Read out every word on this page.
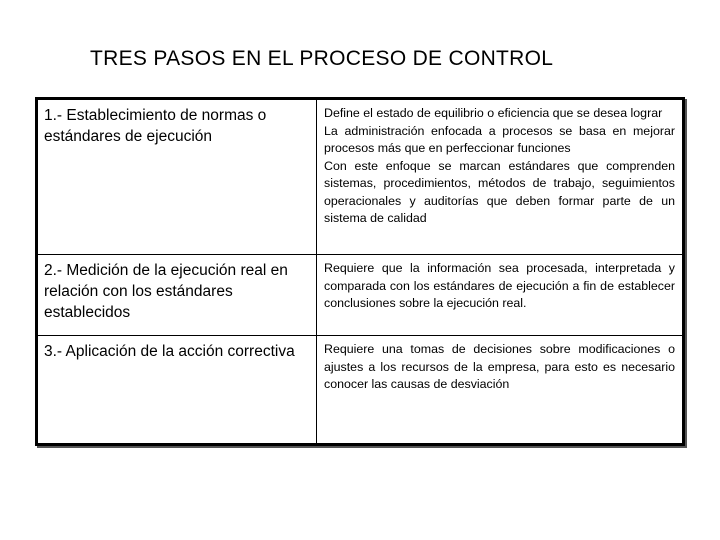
TRES PASOS EN EL PROCESO DE CONTROL
1.- Establecimiento de normas o estándares de ejecución	Define el estado de equilibrio o eficiencia que se desea lograr
La administración enfocada a procesos se basa en mejorar procesos más que en perfeccionar funciones
Con este enfoque se marcan estándares que comprenden sistemas, procedimientos, métodos de trabajo, seguimientos operacionales y auditorías que deben formar parte de un sistema de calidad

2.- Medición de la ejecución real en relación con los estándares establecidos	Requiere que la información sea procesada, interpretada y comparada con los estándares de ejecución a fin de establecer conclusiones sobre la ejecución real.

3.- Aplicación de la acción correctiva	Requiere una tomas de decisiones sobre modificaciones o ajustes a los recursos de la empresa, para esto es necesario conocer las causas de desviación
